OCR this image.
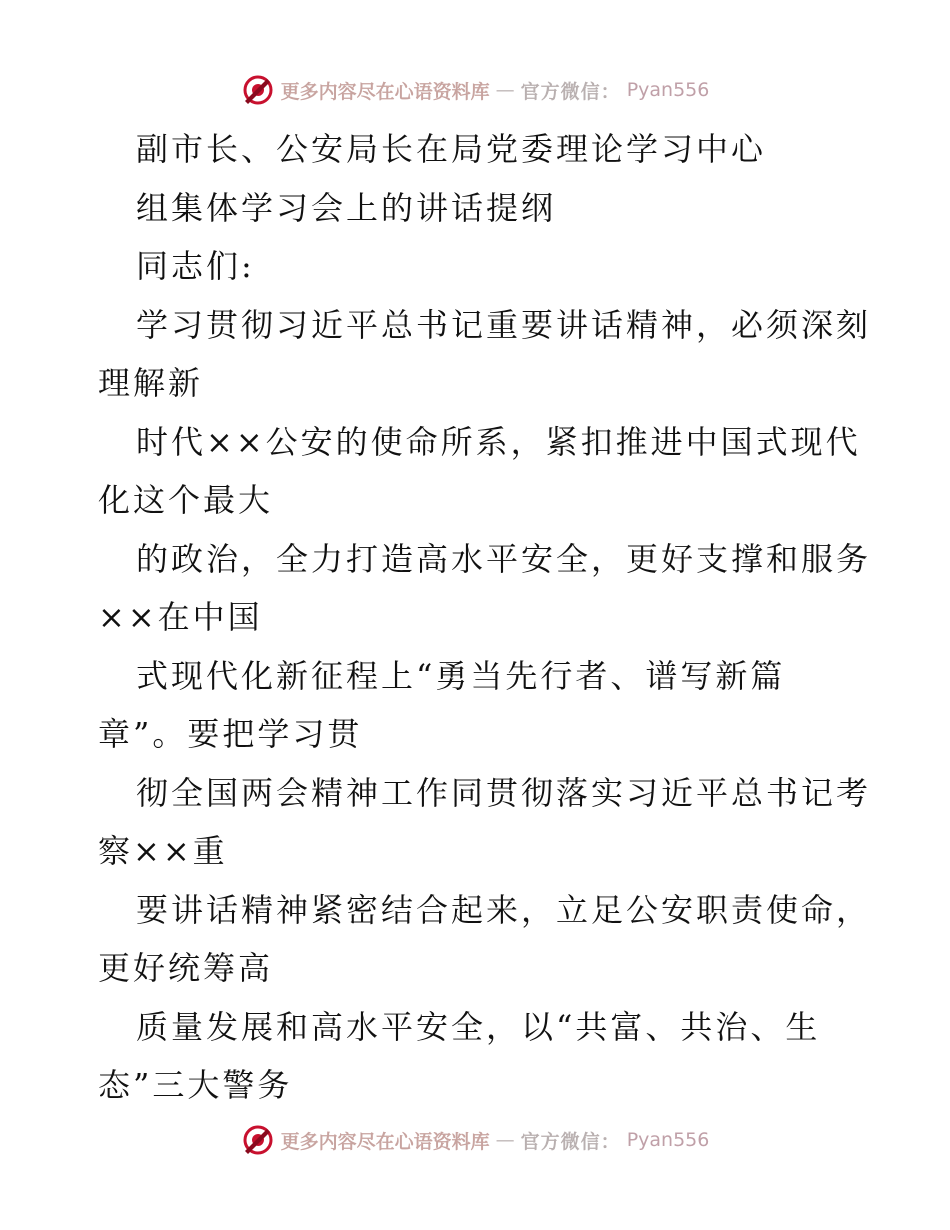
更多内容尽在心语资料库 — 官方微信： Pyan556
副市长、公安局长在局党委理论学习中心
组集体学习会上的讲话提纲
同志们:
学习贯彻习近平总书记重要讲话精神，必须深刻
理解新
时代××公安的使命所系，紧扣推进中国式现代
化这个最大
的政治，全力打造高水平安全，更好支撑和服务
××在中国
式现代化新征程上“勇当先行者、谱写新篇
章”。要把学习贯
彻全国两会精神工作同贯彻落实习近平总书记考
察××重
要讲话精神紧密结合起来，立足公安职责使命，
更好统筹高
质量发展和高水平安全，以“共富、共治、生
态”三大警务
更多内容尽在心语资料库 — 官方微信： Pyan556
